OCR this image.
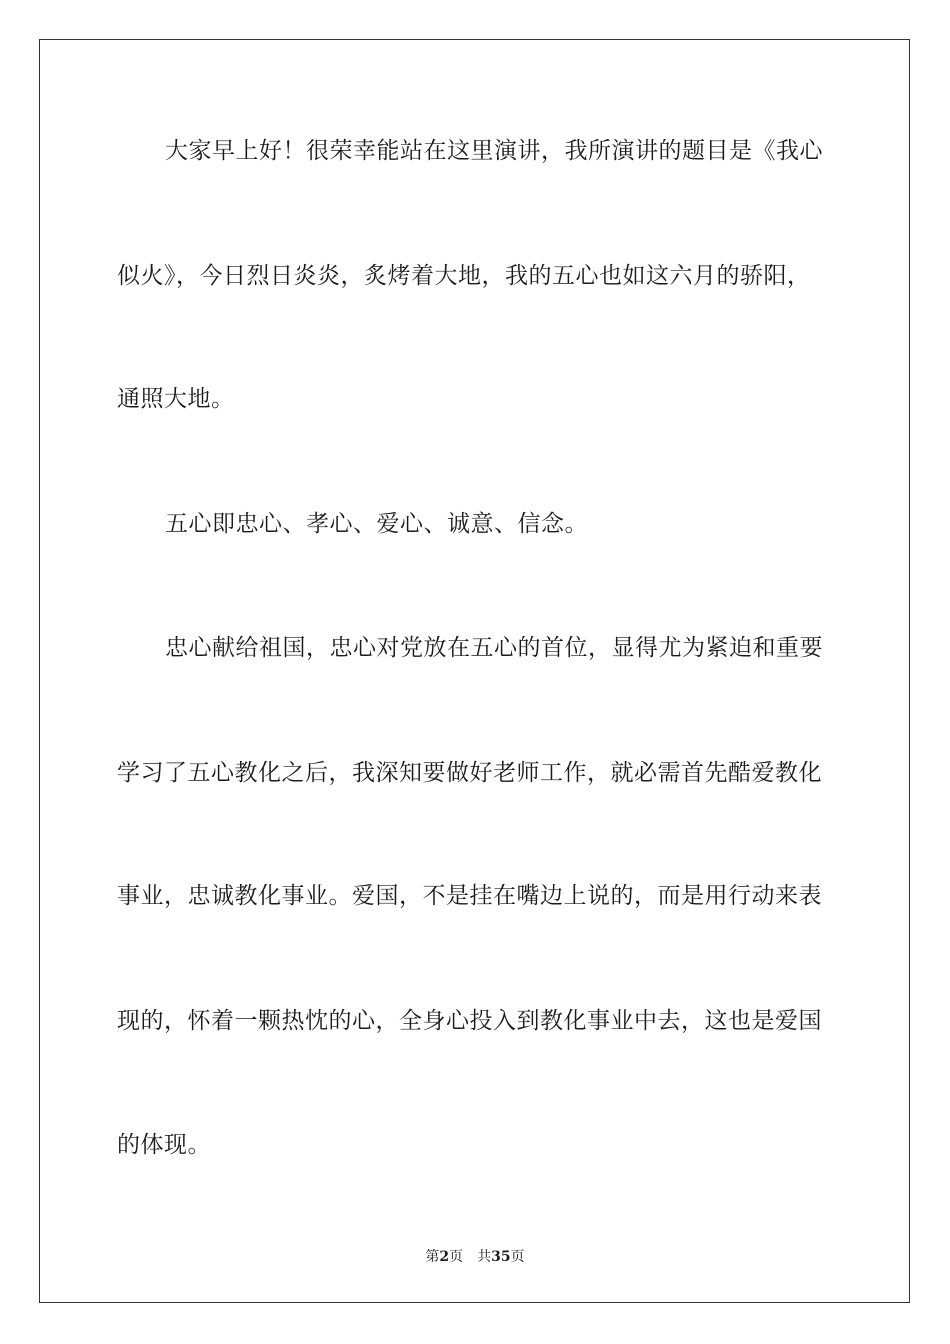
大家早上好！很荣幸能站在这里演讲，我所演讲的题目是《我心
似火》，今日烈日炎炎，炙烤着大地，我的五心也如这六月的骄阳，
通照大地。
五心即忠心、孝心、爱心、诚意、信念。
忠心献给祖国，忠心对党放在五心的首位，显得尤为紧迫和重要
学习了五心教化之后，我深知要做好老师工作，就必需首先酷爱教化
事业，忠诚教化事业。爱国，不是挂在嘴边上说的，而是用行动来表
现的，怀着一颗热忱的心，全身心投入到教化事业中去，这也是爱国
的体现。
第2页 共35页
